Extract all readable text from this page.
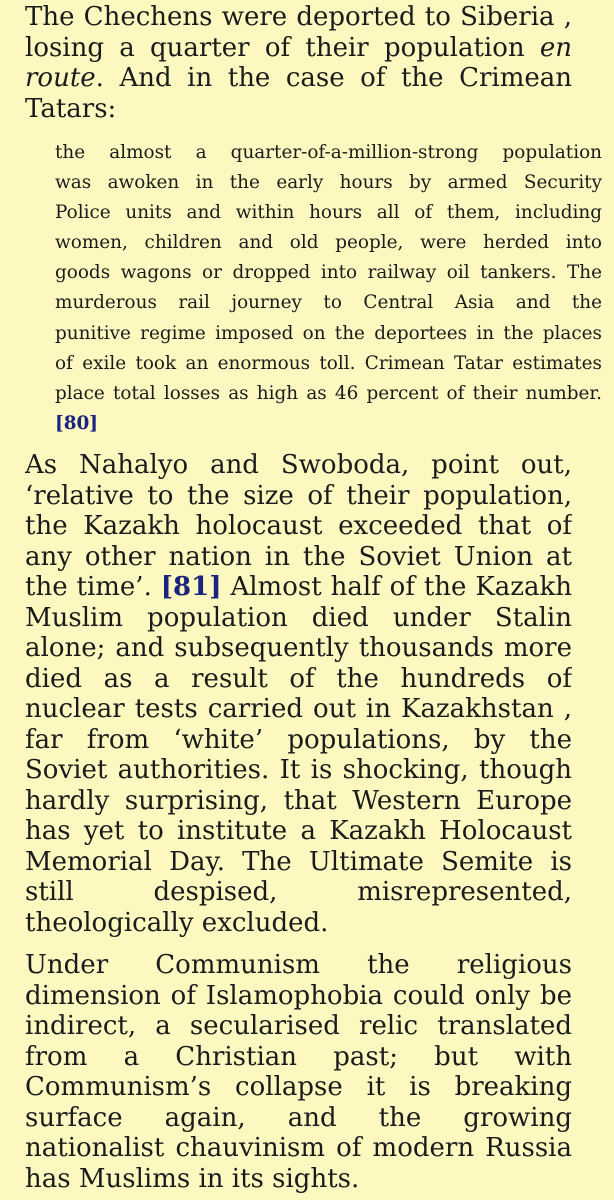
The Chechens were deported to Siberia ,
losing a quarter of their population en
route. And in the case of the Crimean
Tatars:

the almost a quarter-of-a-million-strong population
was awoken in the early hours by armed Security
Police units and within hours all of them, including
women, children and old people, were herded into
goods wagons or dropped into railway oil tankers. The
murderous rail journey to Central Asia and the
punitive regime imposed on the deportees in the places
of exile took an enormous toll. Crimean Tatar estimates
place total losses as high as 46 percent of their number.
[80]

As Nahalyo and Swoboda, point out,
‘relative to the size of their population,
the Kazakh holocaust exceeded that of
any other nation in the Soviet Union at
the time’. [81] Almost half of the Kazakh
Muslim population died under Stalin
alone; and subsequently thousands more
died as a result of the hundreds of
nuclear tests carried out in Kazakhstan ,
far from ‘white’ populations, by the
Soviet authorities. It is shocking, though
hardly surprising, that Western Europe
has yet to institute a Kazakh Holocaust
Memorial Day. The Ultimate Semite is
still despised, misrepresented,
theologically excluded.

Under Communism the religious
dimension of Islamophobia could only be
indirect, a secularised relic translated
from a Christian past; but with
Communism’s collapse it is breaking
surface again, and the growing
nationalist chauvinism of modern Russia
has Muslims in its sights.
